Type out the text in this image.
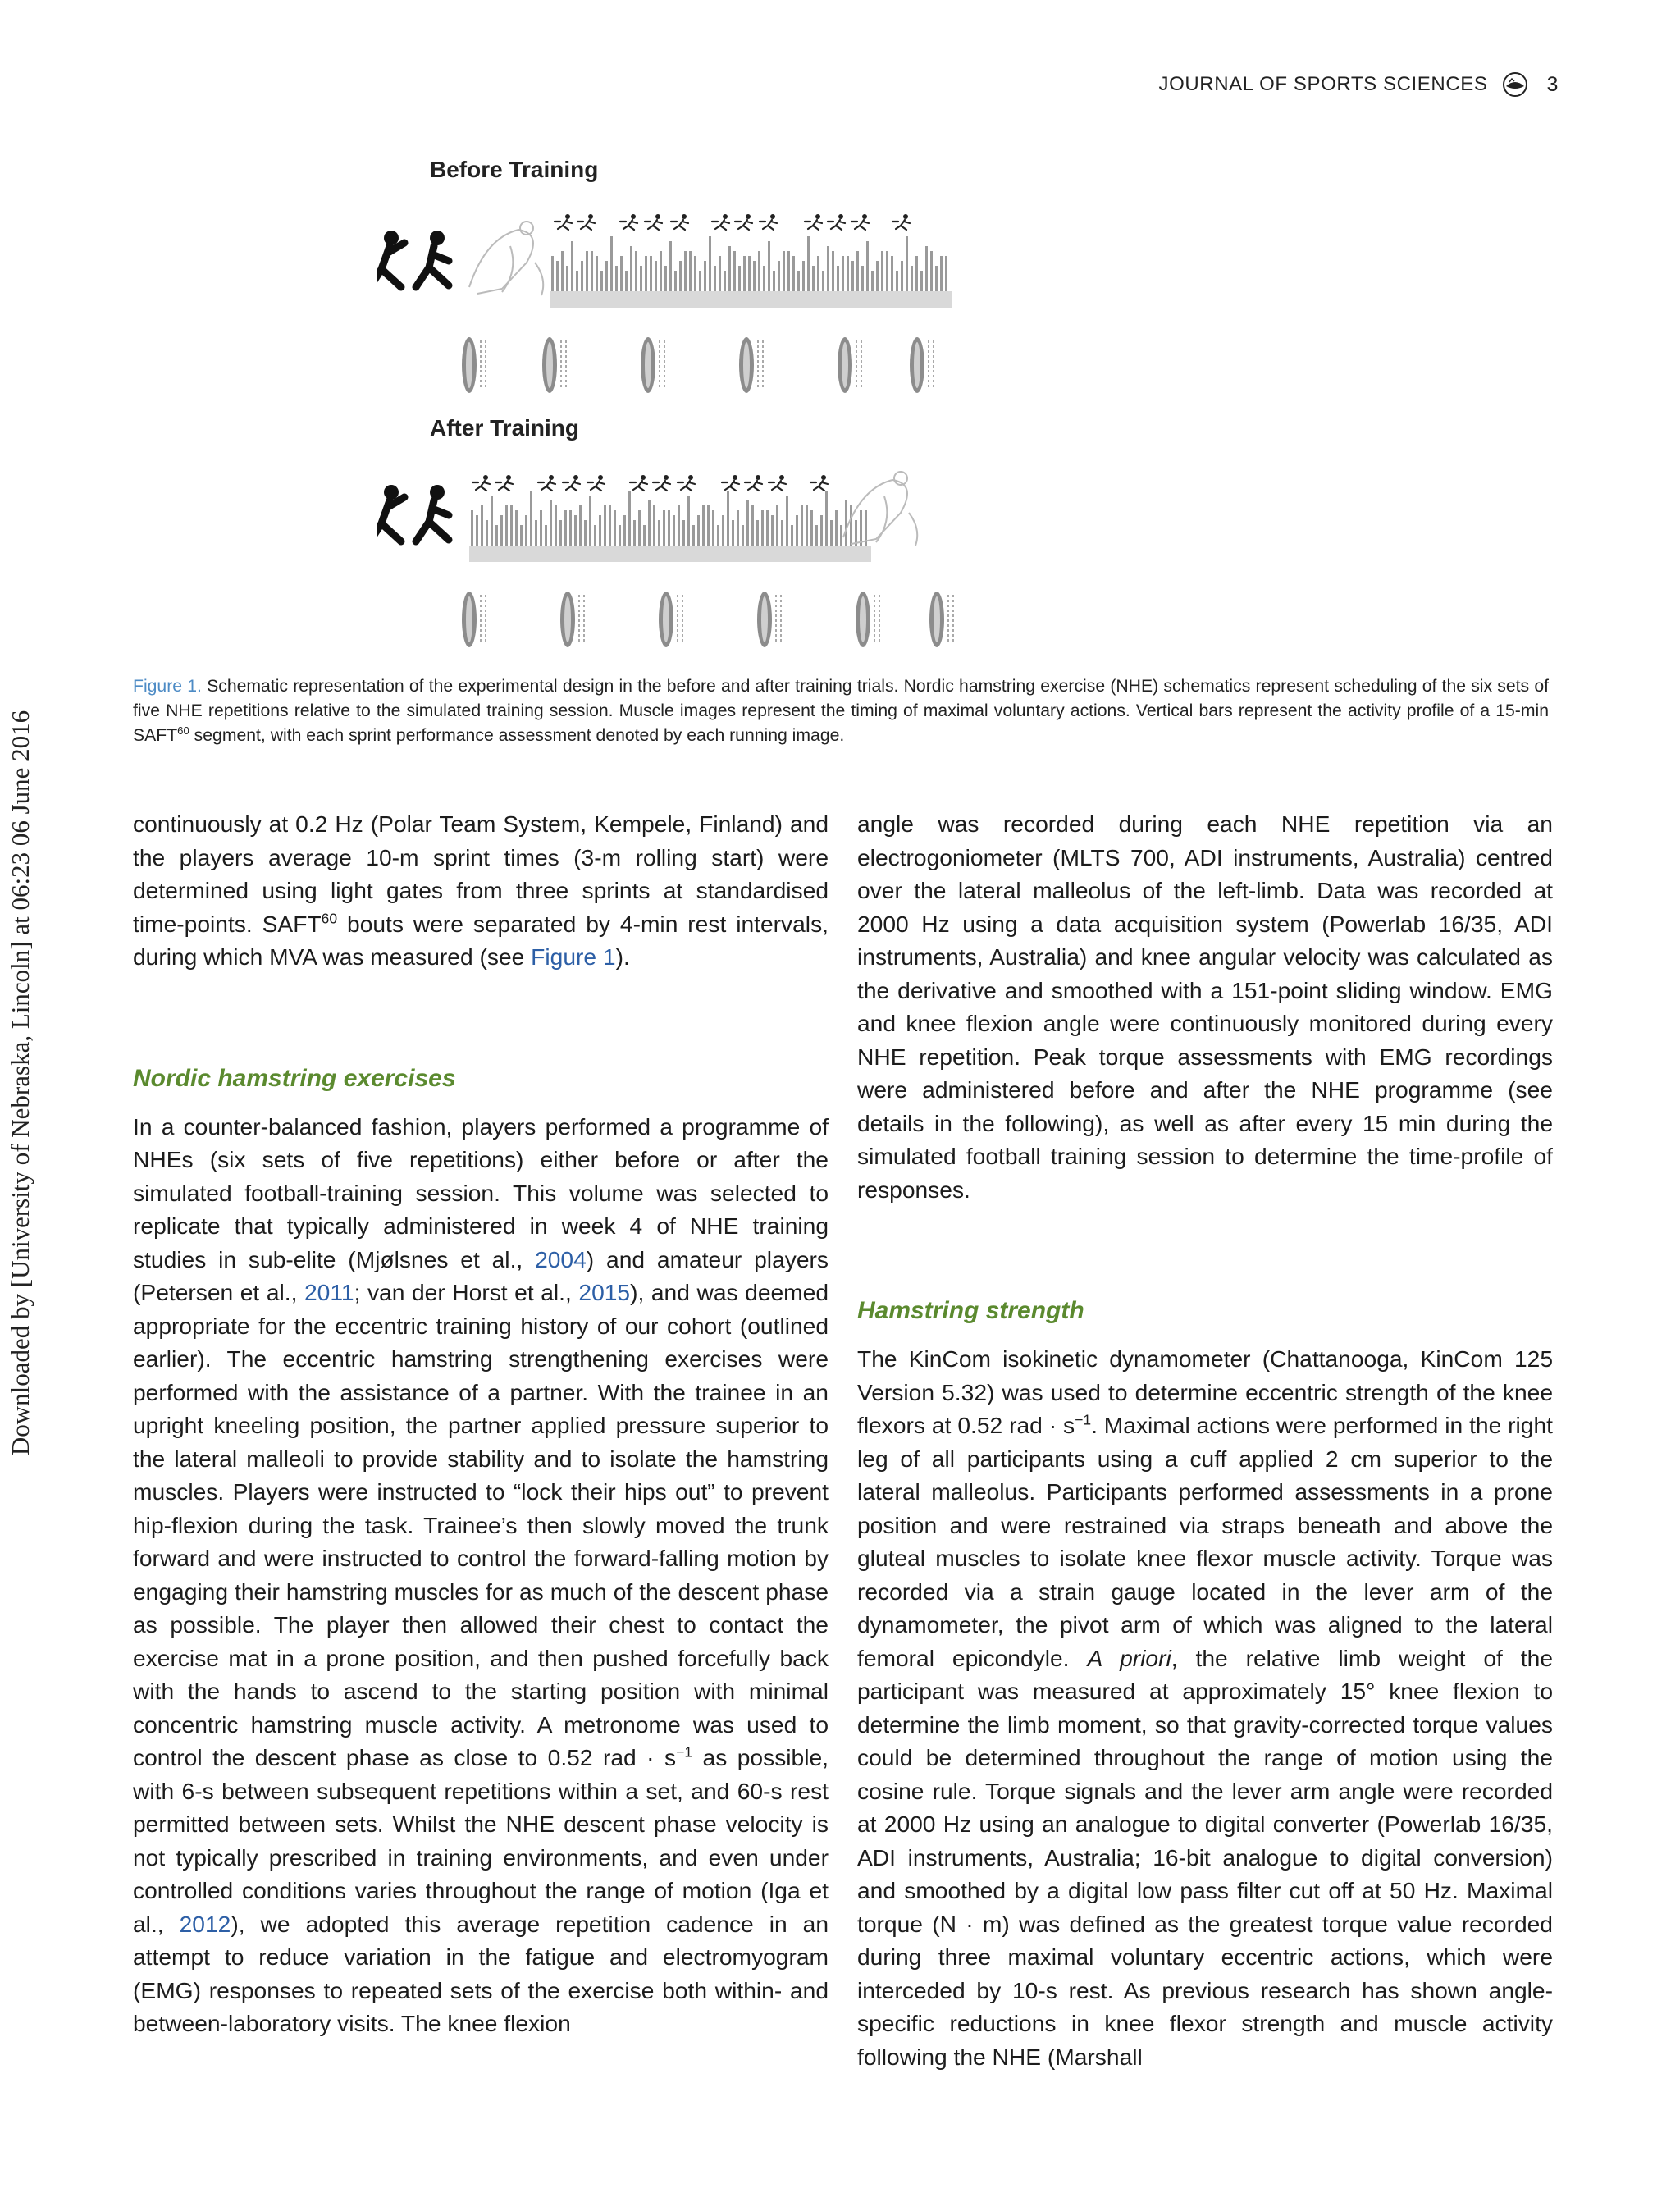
JOURNAL OF SPORTS SCIENCES	3
Downloaded by [University of Nebraska, Lincoln] at 06:23 06 June 2016
Before Training
After Training
Figure 1. Schematic representation of the experimental design in the before and after training trials. Nordic hamstring exercise (NHE) schematics represent scheduling of the six sets of five NHE repetitions relative to the simulated training session. Muscle images represent the timing of maximal voluntary actions. Vertical bars represent the activity profile of a 15-min SAFT$^{60}$ segment, with each sprint performance assessment denoted by each running image.

continuously at 0.2 Hz (Polar Team System, Kempele, Finland) and the players average 10-m sprint times (3-m rolling start) were determined using light gates from three sprints at standardised time-points. SAFT$^{60}$ bouts were separated by 4-min rest intervals, during which MVA was measured (see Figure 1).

Nordic hamstring exercises

In a counter-balanced fashion, players performed a programme of NHEs (six sets of five repetitions) either before or after the simulated football-training session. This volume was selected to replicate that typically administered in week 4 of NHE training studies in sub-elite (Mjølsnes et al., 2004) and amateur players (Petersen et al., 2011; van der Horst et al., 2015), and was deemed appropriate for the eccentric training history of our cohort (outlined earlier). The eccentric hamstring strengthening exercises were performed with the assistance of a partner. With the trainee in an upright kneeling position, the partner applied pressure superior to the lateral malleoli to provide stability and to isolate the hamstring muscles. Players were instructed to “lock their hips out” to prevent hip-flexion during the task. Trainee’s then slowly moved the trunk forward and were instructed to control the forward-falling motion by engaging their hamstring muscles for as much of the descent phase as possible. The player then allowed their chest to contact the exercise mat in a prone position, and then pushed forcefully back with the hands to ascend to the starting position with minimal concentric hamstring muscle activity. A metronome was used to control the descent phase as close to 0.52 rad · $s^{-1}$ as possible, with 6-s between subsequent repetitions within a set, and 60-s rest permitted between sets. Whilst the NHE descent phase velocity is not typically prescribed in training environments, and even under controlled conditions varies throughout the range of motion (Iga et al., 2012), we adopted this average repetition cadence in an attempt to reduce variation in the fatigue and electromyogram (EMG) responses to repeated sets of the exercise both within- and between-laboratory visits. The knee flexion

angle was recorded during each NHE repetition via an electrogoniometer (MLTS 700, ADI instruments, Australia) centred over the lateral malleolus of the left-limb. Data was recorded at 2000 Hz using a data acquisition system (Powerlab 16/35, ADI instruments, Australia) and knee angular velocity was calculated as the derivative and smoothed with a 151-point sliding window. EMG and knee flexion angle were continuously monitored during every NHE repetition. Peak torque assessments with EMG recordings were administered before and after the NHE programme (see details in the following), as well as after every 15 min during the simulated football training session to determine the time-profile of responses.

Hamstring strength

The KinCom isokinetic dynamometer (Chattanooga, KinCom 125 Version 5.32) was used to determine eccentric strength of the knee flexors at 0.52 rad · $s^{-1}$. Maximal actions were performed in the right leg of all participants using a cuff applied 2 cm superior to the lateral malleolus. Participants performed assessments in a prone position and were restrained via straps beneath and above the gluteal muscles to isolate knee flexor muscle activity. Torque was recorded via a strain gauge located in the lever arm of the dynamometer, the pivot arm of which was aligned to the lateral femoral epicondyle. A priori, the relative limb weight of the participant was measured at approximately 15° knee flexion to determine the limb moment, so that gravity-corrected torque values could be determined throughout the range of motion using the cosine rule. Torque signals and the lever arm angle were recorded at 2000 Hz using an analogue to digital converter (Powerlab 16/35, ADI instruments, Australia; 16-bit analogue to digital conversion) and smoothed by a digital low pass filter cut off at 50 Hz. Maximal torque (N · m) was defined as the greatest torque value recorded during three maximal voluntary eccentric actions, which were interceded by 10-s rest. As previous research has shown angle-specific reductions in knee flexor strength and muscle activity following the NHE (Marshall
